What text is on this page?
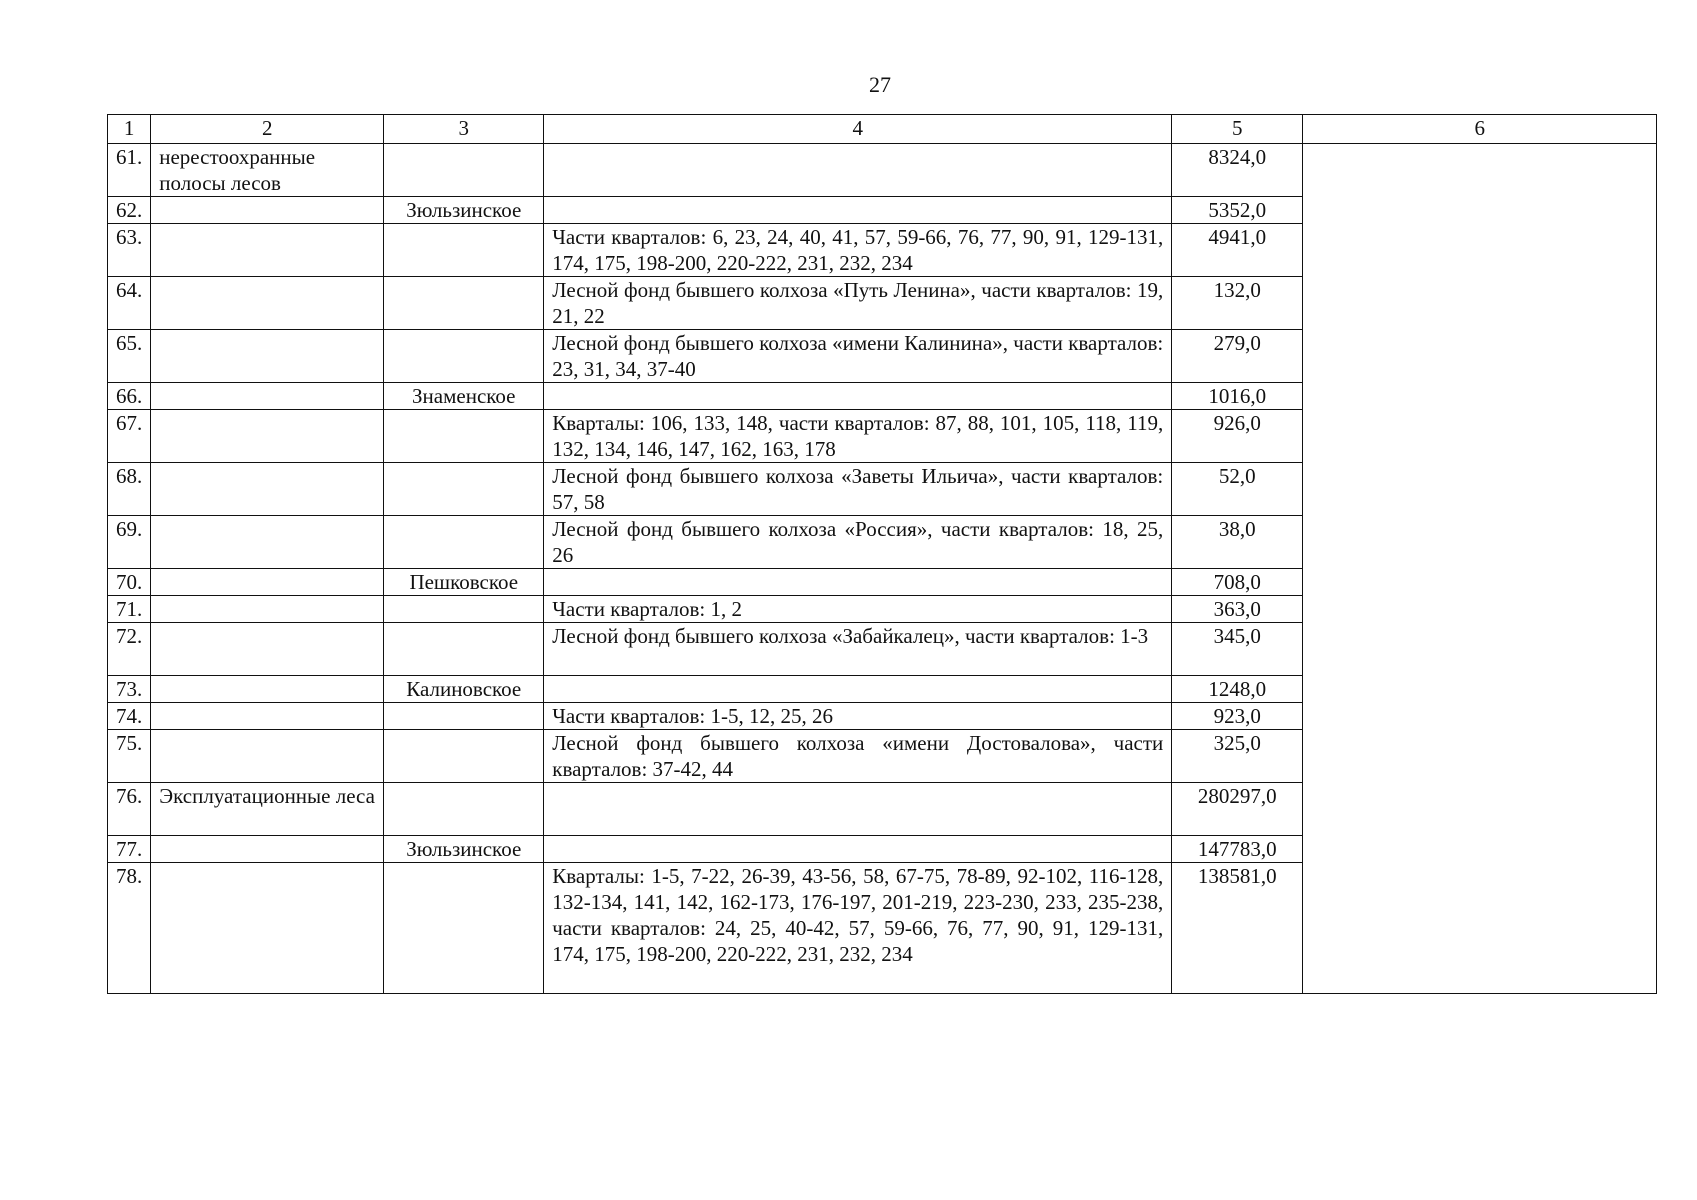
27
1	2	3	4	5	6
61.	нерестоохранные полосы лесов			8324,0	
62.		Зюльзинское		5352,0	
63.			Части кварталов: 6, 23, 24, 40, 41, 57, 59-66, 76, 77, 90, 91, 129-131, 174, 175, 198-200, 220-222, 231, 232, 234	4941,0	
64.			Лесной фонд бывшего колхоза «Путь Ленина», части кварталов: 19, 21, 22	132,0	
65.			Лесной фонд бывшего колхоза «имени Калинина», части кварталов: 23, 31, 34, 37-40	279,0	
66.		Знаменское		1016,0	
67.			Кварталы: 106, 133, 148, части кварталов: 87, 88, 101, 105, 118, 119, 132, 134, 146, 147, 162, 163, 178	926,0	
68.			Лесной фонд бывшего колхоза «Заветы Ильича», части кварталов: 57, 58	52,0	
69.			Лесной фонд бывшего колхоза «Россия», части кварталов: 18, 25, 26	38,0	
70.		Пешковское		708,0	
71.			Части кварталов: 1, 2	363,0	
72.			Лесной фонд бывшего колхоза «Забайкалец», части кварталов: 1-3	345,0	
73.		Калиновское		1248,0	
74.			Части кварталов: 1-5, 12, 25, 26	923,0	
75.			Лесной фонд бывшего колхоза «имени Достовалова», части кварталов: 37-42, 44	325,0	
76.	Эксплуатационные леса			280297,0	
77.		Зюльзинское		147783,0	
78.			Кварталы: 1-5, 7-22, 26-39, 43-56, 58, 67-75, 78-89, 92-102, 116-128, 132-134, 141, 142, 162-173, 176-197, 201-219, 223-230, 233, 235-238, части кварталов: 24, 25, 40-42, 57, 59-66, 76, 77, 90, 91, 129-131, 174, 175, 198-200, 220-222, 231, 232, 234	138581,0	
